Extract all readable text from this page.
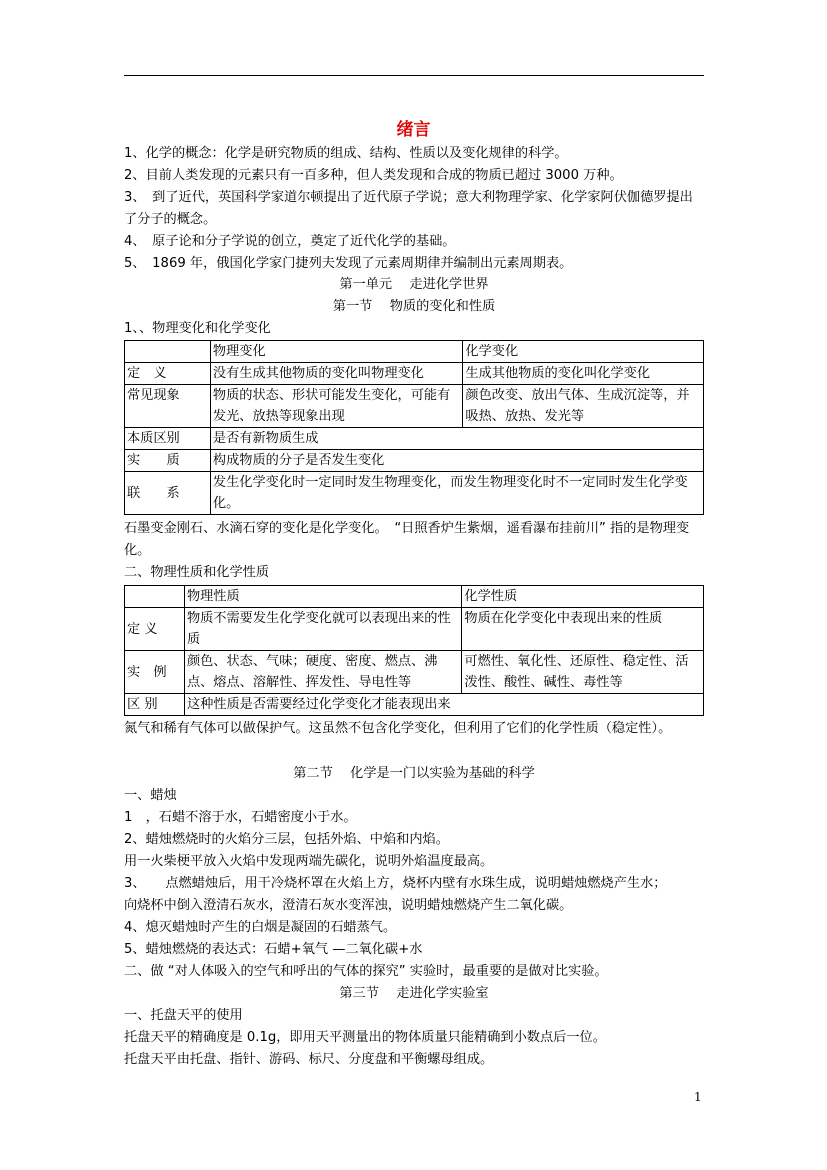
绪言
1、化学的概念：化学是研究物质的组成、结构、性质以及变化规律的科学。
2、目前人类发现的元素只有一百多种，但人类发现和合成的物质已超过 3000 万种。
3、　到了近代，英国科学家道尔顿提出了近代原子学说；意大利物理学家、化学家阿伏伽德罗提出了分子的概念。
4、　原子论和分子学说的创立，奠定了近代化学的基础。
5、　1869 年，俄国化学家门捷列夫发现了元素周期律并编制出元素周期表。
第一单元　 走进化学世界
第一节　 物质的变化和性质
1、、物理变化和化学变化
	物理变化	化学变化
定　义	没有生成其他物质的变化叫物理变化	生成其他物质的变化叫化学变化
常见现象	物质的状态、形状可能发生变化，可能有发光、放热等现象出现	颜色改变、放出气体、生成沉淀等，并吸热、放热、发光等
本质区别	是否有新物质生成	
实　　质	构成物质的分子是否发生变化	
联　　系	发生化学变化时一定同时发生物理变化，而发生物理变化时不一定同时发生化学变化。	
石墨变金刚石、水滴石穿的变化是化学变化。　“日照香炉生紫烟，遥看瀑布挂前川” 指的是物理变化。
二、物理性质和化学性质
	物理性质	化学性质
定 义	物质不需要发生化学变化就可以表现出来的性质	物质在化学变化中表现出来的性质
实　例	颜色、状态、气味；硬度、密度、燃点、沸点、熔点、溶解性、挥发性、导电性等	可燃性、氧化性、还原性、稳定性、活泼性、酸性、碱性、毒性等
区 别	这种性质是否需要经过化学变化才能表现出来	
氮气和稀有气体可以做保护气。这虽然不包含化学变化，但利用了它们的化学性质（稳定性）。
第二节　 化学是一门以实验为基础的科学
一、蜡烛
1　，石蜡不溶于水，石蜡密度小于水。
2、蜡烛燃烧时的火焰分三层，包括外焰、中焰和内焰。
用一火柴梗平放入火焰中发现两端先碳化，说明外焰温度最高。
3、　　点燃蜡烛后，用干冷烧杯罩在火焰上方，烧杯内壁有水珠生成，说明蜡烛燃烧产生水；
向烧杯中倒入澄清石灰水，澄清石灰水变浑浊，说明蜡烛燃烧产生二氧化碳。
4、熄灭蜡烛时产生的白烟是凝固的石蜡蒸气。
5、蜡烛燃烧的表达式：石蜡+氧气 —二氧化碳+水
二、做 “对人体吸入的空气和呼出的气体的探究” 实验时，最重要的是做对比实验。
第三节　 走进化学实验室
一、托盘天平的使用
托盘天平的精确度是 0.1g，即用天平测量出的物体质量只能精确到小数点后一位。
托盘天平由托盘、指针、游码、标尺、分度盘和平衡螺母组成。
1
